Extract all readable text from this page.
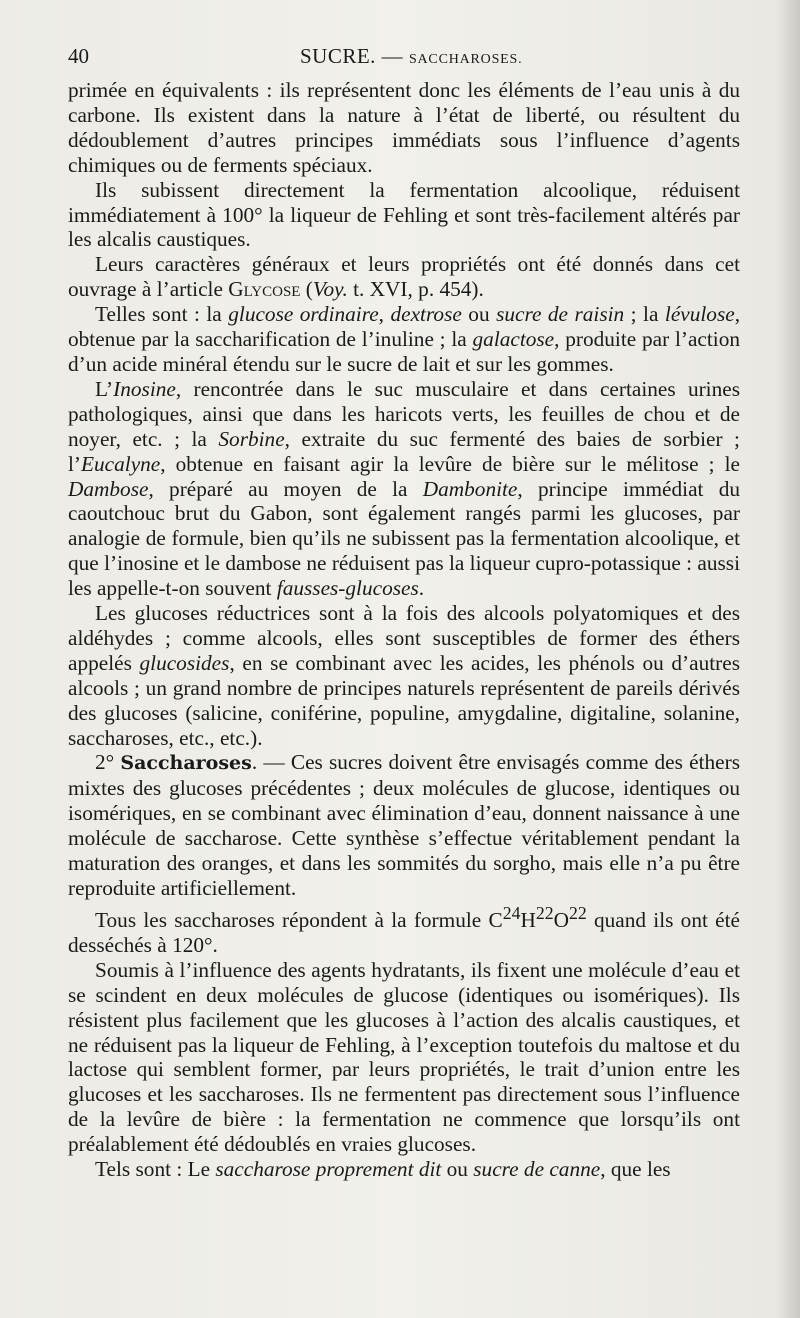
40	SUCRE. — SACCHAROSES.

primée en équivalents : ils représentent donc les éléments de l’eau unis à du carbone. Ils existent dans la nature à l’état de liberté, ou résultent du dédoublement d’autres principes immédiats sous l’influence d’agents chimiques ou de ferments spéciaux.

Ils subissent directement la fermentation alcoolique, réduisent immédiatement à 100° la liqueur de Fehling et sont très-facilement altérés par les alcalis caustiques.

Leurs caractères généraux et leurs propriétés ont été donnés dans cet ouvrage à l’article Glycose (Voy. t. XVI, p. 454).

Telles sont : la glucose ordinaire, dextrose ou sucre de raisin ; la lévulose, obtenue par la saccharification de l’inuline ; la galactose, produite par l’action d’un acide minéral étendu sur le sucre de lait et sur les gommes.

L’Inosine, rencontrée dans le suc musculaire et dans certaines urines pathologiques, ainsi que dans les haricots verts, les feuilles de chou et de noyer, etc. ; la Sorbine, extraite du suc fermenté des baies de sorbier ; l’Eucalyne, obtenue en faisant agir la levûre de bière sur le mélitose ; le Dambose, préparé au moyen de la Dambonite, principe immédiat du caoutchouc brut du Gabon, sont également rangés parmi les glucoses, par analogie de formule, bien qu’ils ne subissent pas la fermentation alcoolique, et que l’inosine et le dambose ne réduisent pas la liqueur cupro-potassique : aussi les appelle-t-on souvent fausses-glucoses.

Les glucoses réductrices sont à la fois des alcools polyatomiques et des aldéhydes ; comme alcools, elles sont susceptibles de former des éthers appelés glucosides, en se combinant avec les acides, les phénols ou d’autres alcools ; un grand nombre de principes naturels représentent de pareils dérivés des glucoses (salicine, coniférine, populine, amygdaline, digitaline, solanine, saccharoses, etc., etc.).

2° Saccharoses. — Ces sucres doivent être envisagés comme des éthers mixtes des glucoses précédentes ; deux molécules de glucose, identiques ou isomériques, en se combinant avec élimination d’eau, donnent naissance à une molécule de saccharose. Cette synthèse s’effectue véritablement pendant la maturation des oranges, et dans les sommités du sorgho, mais elle n’a pu être reproduite artificiellement.

Tous les saccharoses répondent à la formule $C^{24}H^{22}O^{22}$ quand ils ont été desséchés à 120°.

Soumis à l’influence des agents hydratants, ils fixent une molécule d’eau et se scindent en deux molécules de glucose (identiques ou isomériques). Ils résistent plus facilement que les glucoses à l’action des alcalis caustiques, et ne réduisent pas la liqueur de Fehling, à l’exception toutefois du maltose et du lactose qui semblent former, par leurs propriétés, le trait d’union entre les glucoses et les saccharoses. Ils ne fermentent pas directement sous l’influence de la levûre de bière : la fermentation ne commence que lorsqu’ils ont préalablement été dédoublés en vraies glucoses.

Tels sont : Le saccharose proprement dit ou sucre de canne, que les
